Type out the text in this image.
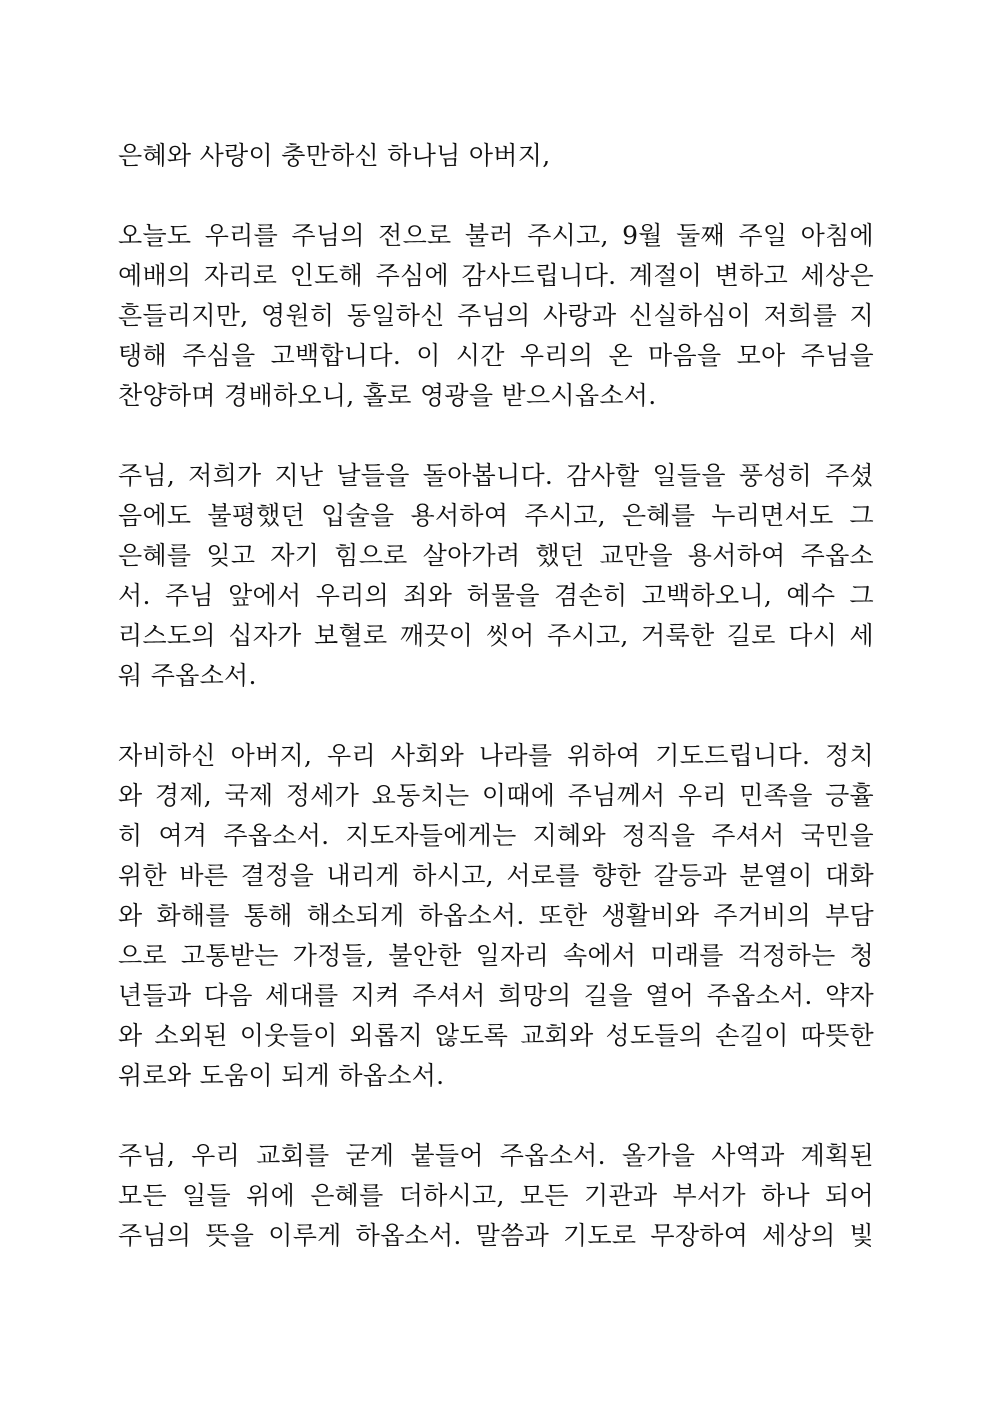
은혜와 사랑이 충만하신 하나님 아버지,
오늘도 우리를 주님의 전으로 불러 주시고, 9월 둘째 주일 아침에
예배의 자리로 인도해 주심에 감사드립니다. 계절이 변하고 세상은
흔들리지만, 영원히 동일하신 주님의 사랑과 신실하심이 저희를 지
탱해 주심을 고백합니다. 이 시간 우리의 온 마음을 모아 주님을
찬양하며 경배하오니, 홀로 영광을 받으시옵소서.
주님, 저희가 지난 날들을 돌아봅니다. 감사할 일들을 풍성히 주셨
음에도 불평했던 입술을 용서하여 주시고, 은혜를 누리면서도 그
은혜를 잊고 자기 힘으로 살아가려 했던 교만을 용서하여 주옵소
서. 주님 앞에서 우리의 죄와 허물을 겸손히 고백하오니, 예수 그
리스도의 십자가 보혈로 깨끗이 씻어 주시고, 거룩한 길로 다시 세
워 주옵소서.
자비하신 아버지, 우리 사회와 나라를 위하여 기도드립니다. 정치
와 경제, 국제 정세가 요동치는 이때에 주님께서 우리 민족을 긍휼
히 여겨 주옵소서. 지도자들에게는 지혜와 정직을 주셔서 국민을
위한 바른 결정을 내리게 하시고, 서로를 향한 갈등과 분열이 대화
와 화해를 통해 해소되게 하옵소서. 또한 생활비와 주거비의 부담
으로 고통받는 가정들, 불안한 일자리 속에서 미래를 걱정하는 청
년들과 다음 세대를 지켜 주셔서 희망의 길을 열어 주옵소서. 약자
와 소외된 이웃들이 외롭지 않도록 교회와 성도들의 손길이 따뜻한
위로와 도움이 되게 하옵소서.
주님, 우리 교회를 굳게 붙들어 주옵소서. 올가을 사역과 계획된
모든 일들 위에 은혜를 더하시고, 모든 기관과 부서가 하나 되어
주님의 뜻을 이루게 하옵소서. 말씀과 기도로 무장하여 세상의 빛
